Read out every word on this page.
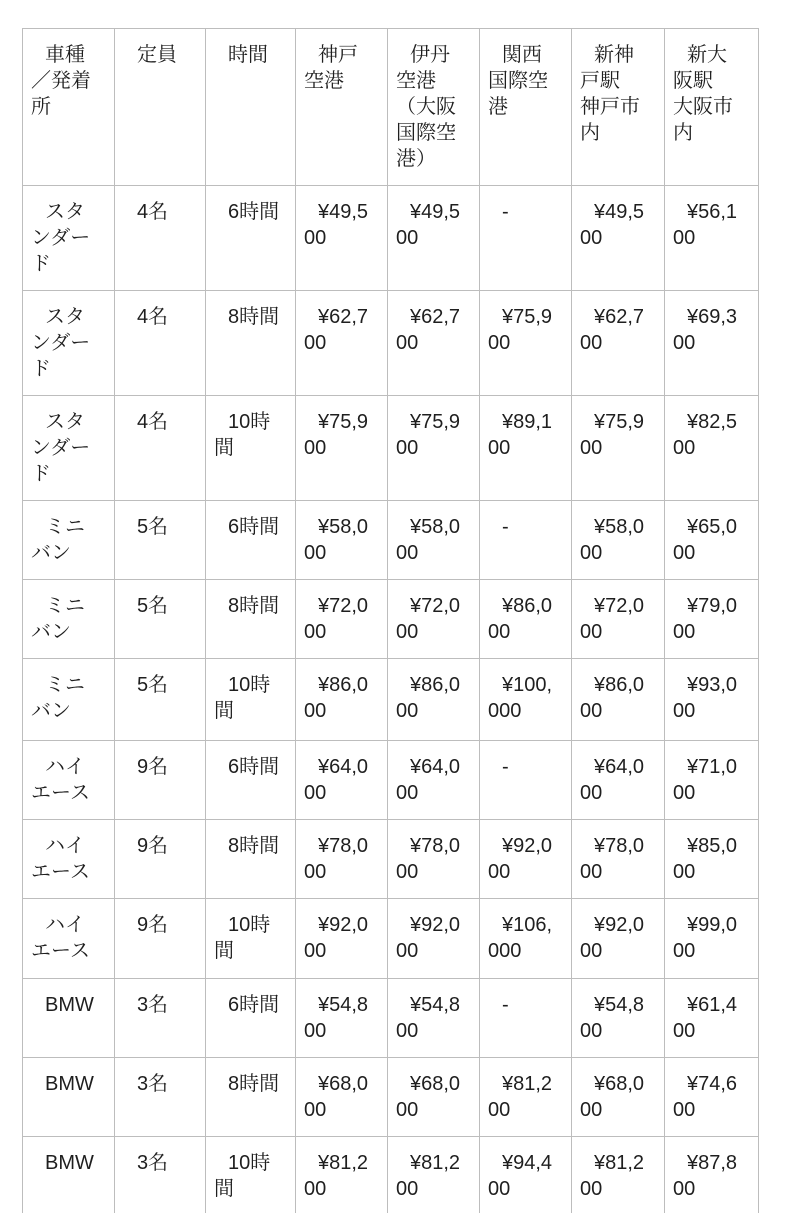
車種／発着所	定員	時間	神戸空港	伊丹空港　（大阪国際空港）	関西国際空港	新神戸駅　神戸市内	新大阪駅　大阪市内
スタンダード	4名	6時間	¥49,500	¥49,500	-	¥49,500	¥56,100
スタンダード	4名	8時間	¥62,700	¥62,700	¥75,900	¥62,700	¥69,300
スタンダード	4名	10時間	¥75,900	¥75,900	¥89,100	¥75,900	¥82,500
ミニバン	5名	6時間	¥58,000	¥58,000	-	¥58,000	¥65,000
ミニバン	5名	8時間	¥72,000	¥72,000	¥86,000	¥72,000	¥79,000
ミニバン	5名	10時間	¥86,000	¥86,000	¥100,000	¥86,000	¥93,000
ハイエース	9名	6時間	¥64,000	¥64,000	-	¥64,000	¥71,000
ハイエース	9名	8時間	¥78,000	¥78,000	¥92,000	¥78,000	¥85,000
ハイエース	9名	10時間	¥92,000	¥92,000	¥106,000	¥92,000	¥99,000
BMW	3名	6時間	¥54,800	¥54,800	-	¥54,800	¥61,400
BMW	3名	8時間	¥68,000	¥68,000	¥81,200	¥68,000	¥74,600
BMW	3名	10時間	¥81,200	¥81,200	¥94,400	¥81,200	¥87,800
